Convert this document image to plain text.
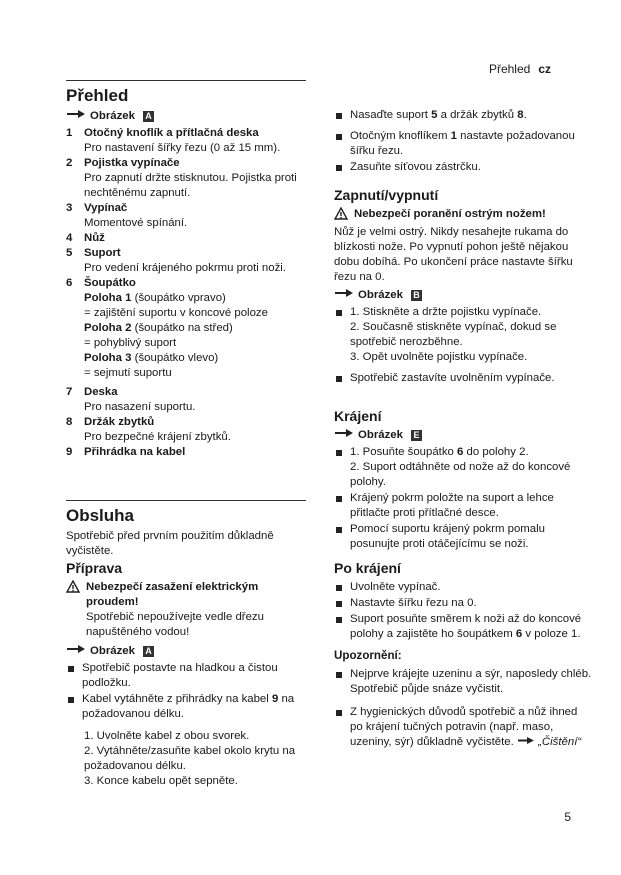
Přehled cz
Přehled
Obrázek A
1	Otočný knoflík a přítlačná deska
Pro nastavení šířky řezu (0 až 15 mm).
2	Pojistka vypínače
Pro zapnutí držte stisknutou. Pojistka proti nechtěnému zapnutí.
3	Vypínač
Momentové spínání.
4	Nůž
5	Suport
Pro vedení krájeného pokrmu proti noži.
6	Šoupátko
Poloha 1 (šoupátko vpravo)
= zajištění suportu v koncové poloze
Poloha 2 (šoupátko na střed)
= pohyblivý suport
Poloha 3 (šoupátko vlevo)
= sejmutí suportu
7	Deska
Pro nasazení suportu.
8	Držák zbytků
Pro bezpečné krájení zbytků.
9	Přihrádka na kabel
Obsluha
Spotřebič před prvním použitím důkladně vyčistěte.
Příprava
Nebezpečí zasažení elektrickým proudem!
Spotřebič nepoužívejte vedle dřezu napuštěného vodou!
Obrázek A
Spotřebič postavte na hladkou a čistou podložku.
Kabel vytáhněte z přihrádky na kabel 9 na požadovanou délku.
1. Uvolněte kabel z obou svorek.
2. Vytáhněte/zasuňte kabel okolo krytu na požadovanou délku.
3. Konce kabelu opět sepněte.
Nasaďte suport 5 a držák zbytků 8.
Otočným knoflíkem 1 nastavte požadovanou šířku řezu.
Zasuňte síťovou zástrčku.
Zapnutí/vypnutí
Nebezpečí poranění ostrým nožem!
Nůž je velmi ostrý. Nikdy nesahejte rukama do blízkosti nože. Po vypnutí pohon ještě nějakou dobu dobíhá. Po ukončení práce nastavte šířku řezu na 0.
Obrázek B
1. Stiskněte a držte pojistku vypínače.
2. Současně stiskněte vypínač, dokud se spotřebič nerozběhne.
3. Opět uvolněte pojistku vypínače.
Spotřebič zastavíte uvolněním vypínače.
Krájení
Obrázek E
1. Posuňte šoupátko 6 do polohy 2.
2. Suport odtáhněte od nože až do koncové polohy.
Krájený pokrm položte na suport a lehce přitlačte proti přítlačné desce.
Pomocí suportu krájený pokrm pomalu posunujte proti otáčejícímu se noži.
Po krájení
Uvolněte vypínač.
Nastavte šířku řezu na 0.
Suport posuňte směrem k noži až do koncové polohy a zajistěte ho šoupátkem 6 v poloze 1.
Upozornění:
Nejprve krájejte uzeninu a sýr, naposledy chléb. Spotřebič půjde snáze vyčistit.
Z hygienických důvodů spotřebič a nůž ihned po krájení tučných potravin (např. maso, uzeniny, sýr) důkladně vyčistěte.  „Čištění“
5
